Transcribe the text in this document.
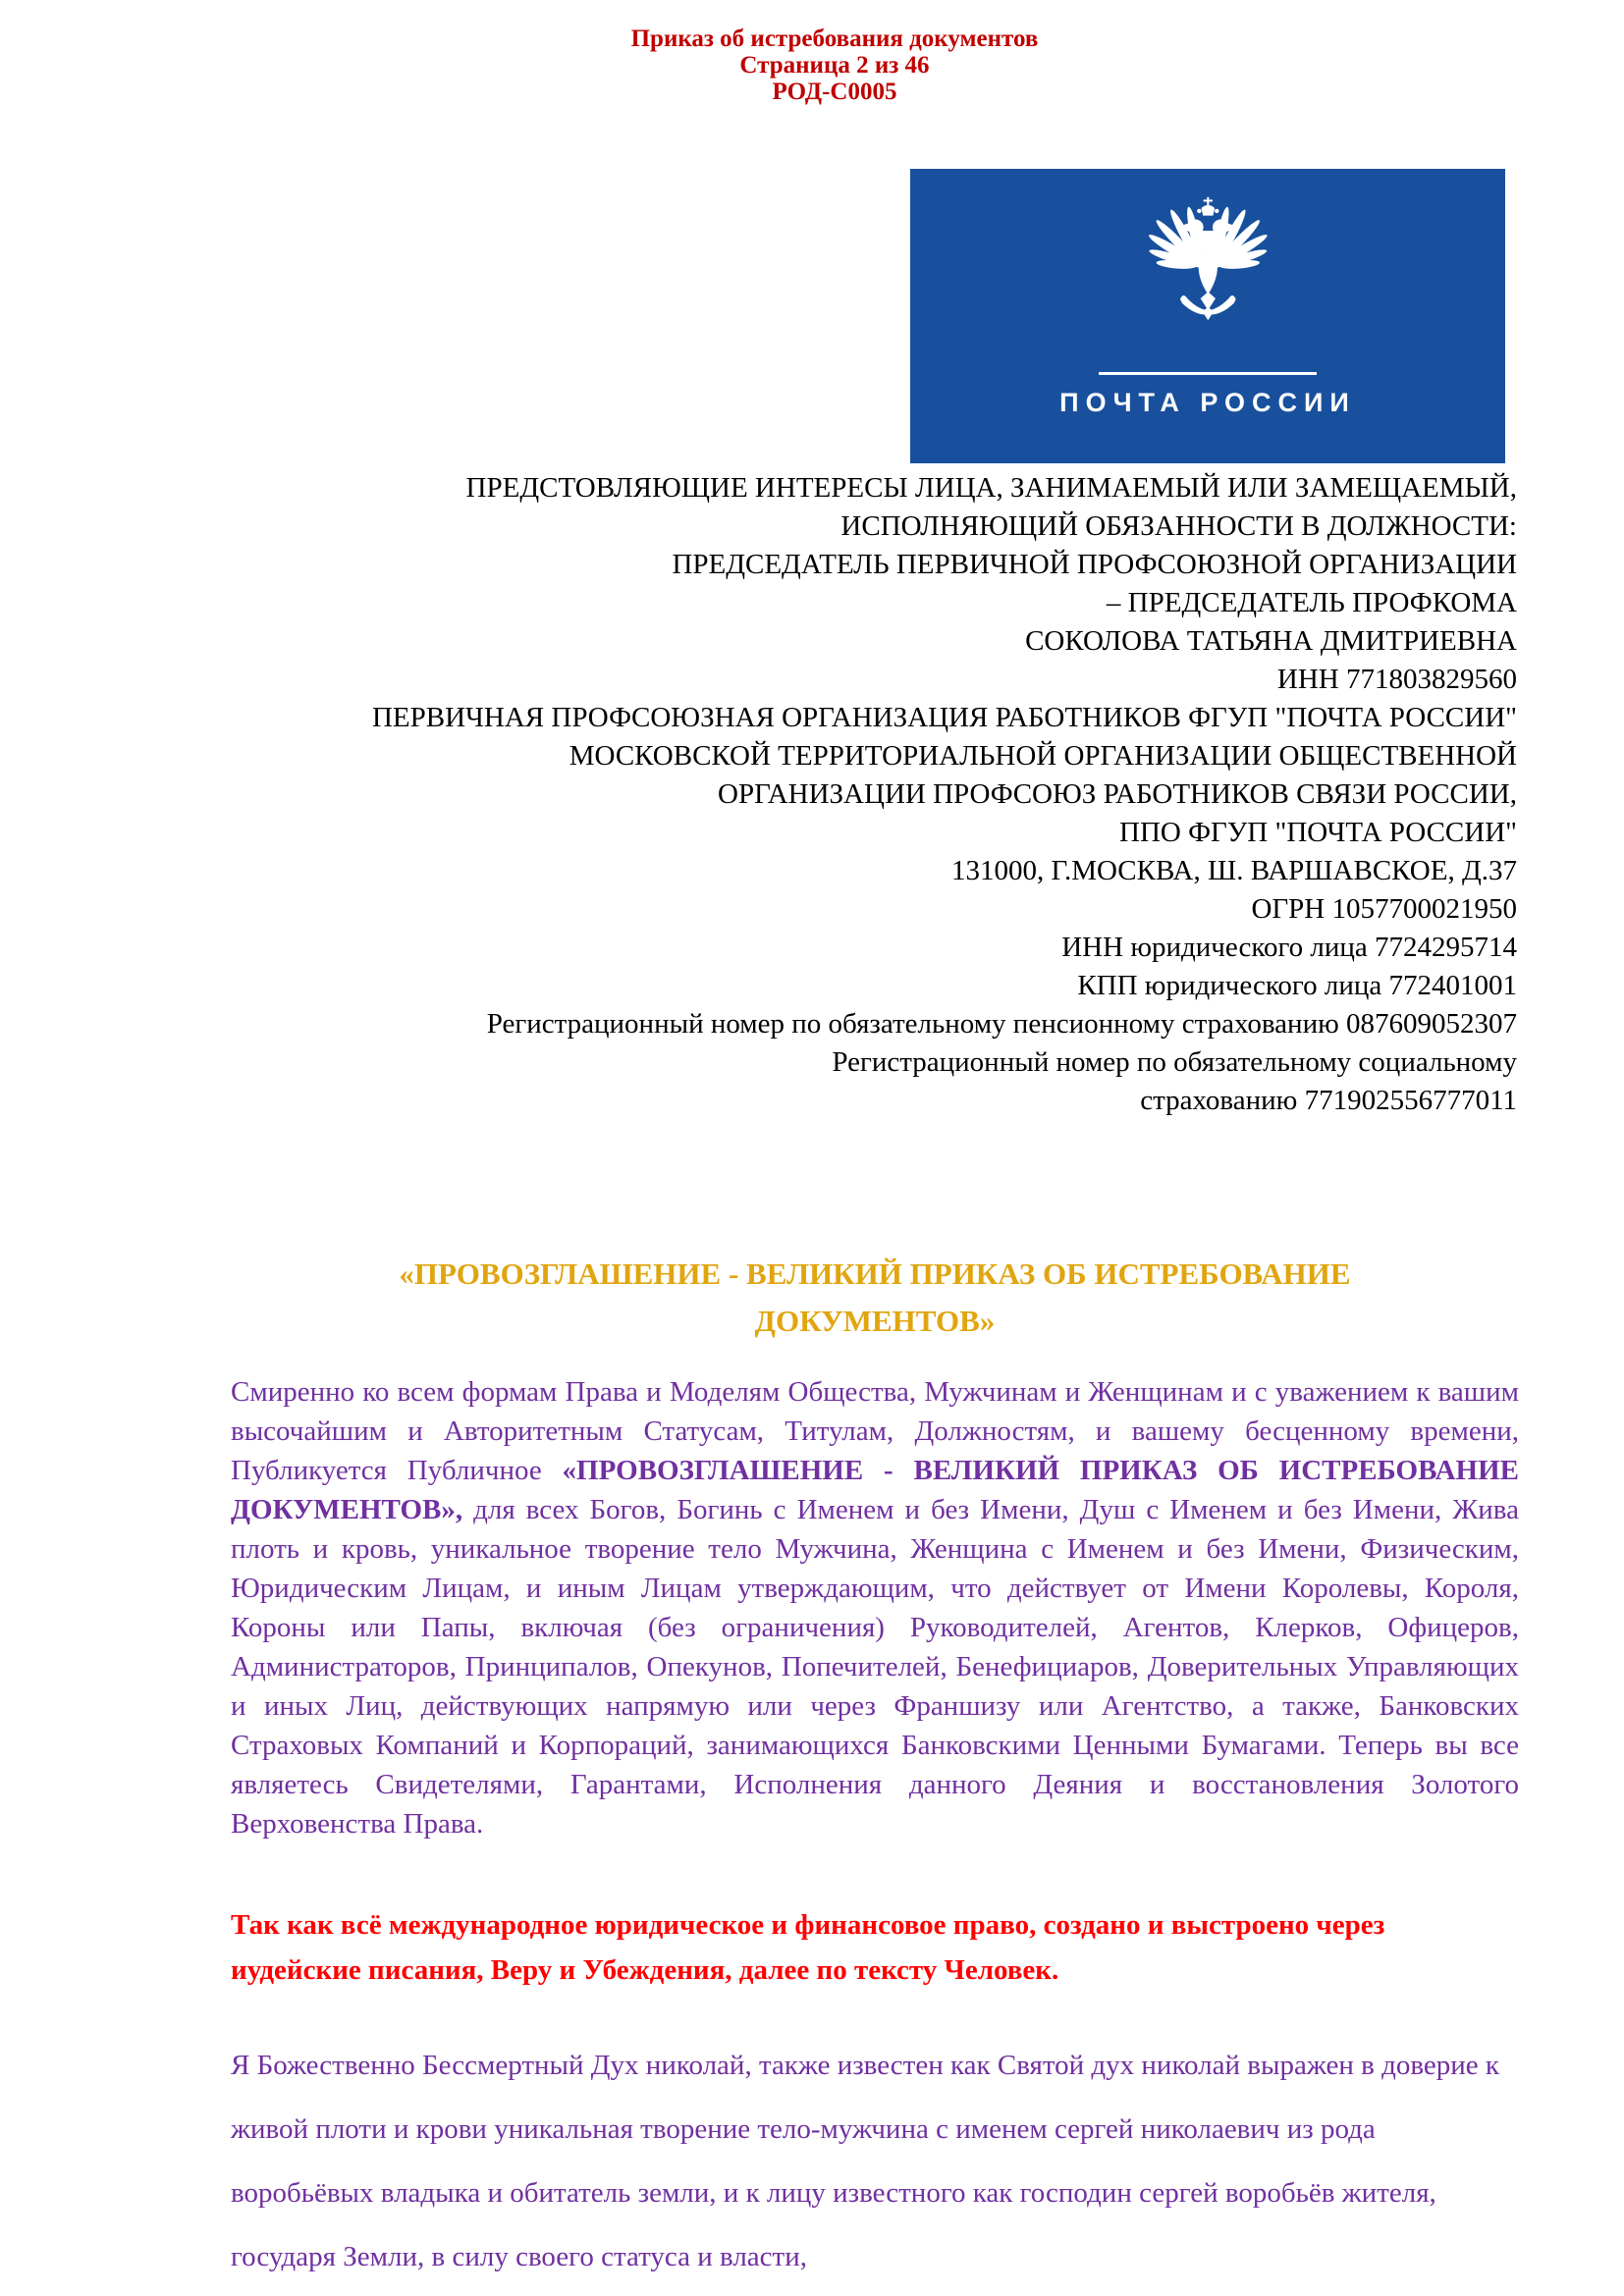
Приказ об истребования документов
Страница 2 из 46
РОД-С0005
ПОЧТА РОССИИ
ПРЕДСТОВЛЯЮЩИЕ ИНТЕРЕСЫ ЛИЦА, ЗАНИМАЕМЫЙ ИЛИ ЗАМЕЩАЕМЫЙ,
ИСПОЛНЯЮЩИЙ ОБЯЗАННОСТИ В ДОЛЖНОСТИ:
ПРЕДСЕДАТЕЛЬ ПЕРВИЧНОЙ ПРОФСОЮЗНОЙ ОРГАНИЗАЦИИ
– ПРЕДСЕДАТЕЛЬ ПРОФКОМА
СОКОЛОВА ТАТЬЯНА ДМИТРИЕВНА
ИНН 771803829560
ПЕРВИЧНАЯ ПРОФСОЮЗНАЯ ОРГАНИЗАЦИЯ РАБОТНИКОВ ФГУП "ПОЧТА РОССИИ"
МОСКОВСКОЙ ТЕРРИТОРИАЛЬНОЙ ОРГАНИЗАЦИИ ОБЩЕСТВЕННОЙ
ОРГАНИЗАЦИИ ПРОФСОЮЗ РАБОТНИКОВ СВЯЗИ РОССИИ,
ППО ФГУП "ПОЧТА РОССИИ"
131000, Г.МОСКВА, Ш. ВАРШАВСКОЕ, Д.37
ОГРН 1057700021950
ИНН юридического лица 7724295714
КПП юридического лица 772401001
Регистрационный номер по обязательному пенсионному страхованию 087609052307
Регистрационный номер по обязательному социальному
страхованию 771902556777011
«ПРОВОЗГЛАШЕНИЕ - ВЕЛИКИЙ ПРИКАЗ ОБ ИСТРЕБОВАНИЕ ДОКУМЕНТОВ»
Смиренно ко всем формам Права и Моделям Общества, Мужчинам и Женщинам и с уважением к вашим высочайшим и Авторитетным Статусам, Титулам, Должностям, и вашему бесценному времени, Публикуется Публичное «ПРОВОЗГЛАШЕНИЕ - ВЕЛИКИЙ ПРИКАЗ ОБ ИСТРЕБОВАНИЕ ДОКУМЕНТОВ», для всех Богов, Богинь с Именем и без Имени, Душ с Именем и без Имени, Жива плоть и кровь, уникальное творение тело Мужчина, Женщина с Именем и без Имени, Физическим, Юридическим Лицам, и иным Лицам утверждающим, что действует от Имени Королевы, Короля, Короны или Папы, включая (без ограничения) Руководителей, Агентов, Клерков, Офицеров, Администраторов, Принципалов, Опекунов, Попечителей, Бенефициаров, Доверительных Управляющих и иных Лиц, действующих напрямую или через Франшизу или Агентство, а также, Банковских Страховых Компаний и Корпораций, занимающихся Банковскими Ценными Бумагами. Теперь вы все являетесь Свидетелями, Гарантами, Исполнения данного Деяния и восстановления Золотого Верховенства Права.
Так как всё международное юридическое и финансовое право, создано и выстроено через иудейские писания, Веру и Убеждения, далее по тексту Человек.
Я Божественно Бессмертный Дух николай, также известен как Святой дух николай выражен в доверие к живой плоти и крови уникальная творение тело-мужчина с именем сергей николаевич из рода воробьёвых владыка и обитатель земли, и к лицу известного как господин сергей воробьёв жителя, государя Земли, в силу своего статуса и власти,
